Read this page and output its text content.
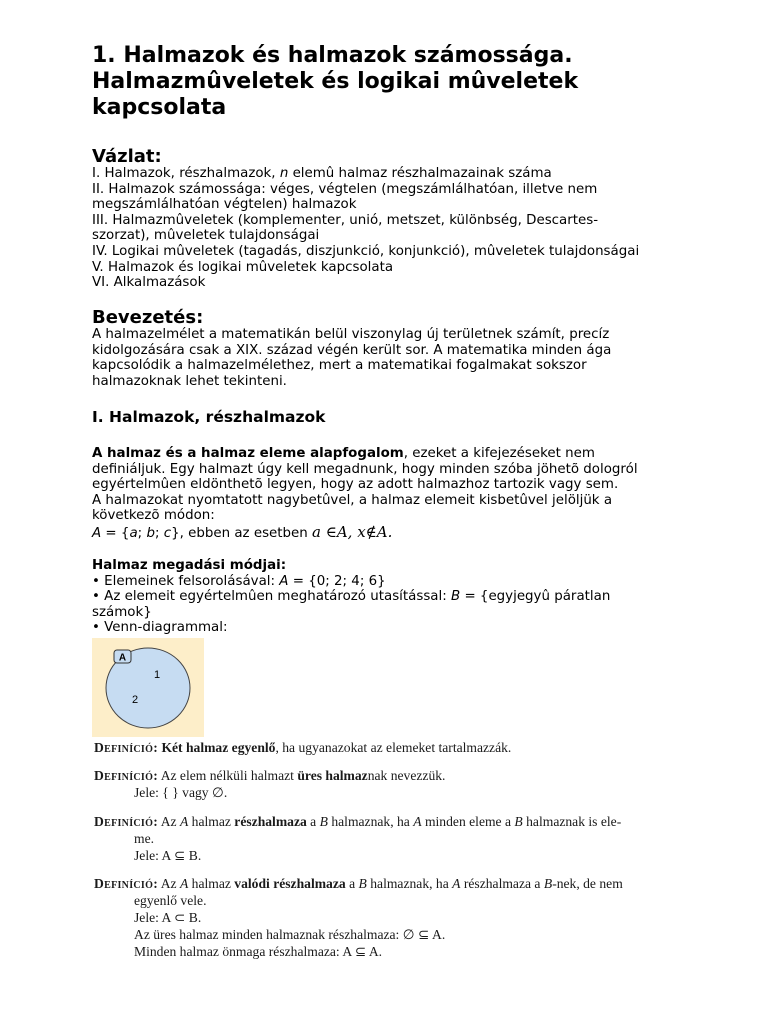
1. Halmazok és halmazok számossága.
Halmazmûveletek és logikai mûveletek
kapcsolata
Vázlat:
I. Halmazok, részhalmazok, n elemû halmaz részhalmazainak száma
II. Halmazok számossága: véges, végtelen (megszámlálhatóan, illetve nem
megszámlálhatóan végtelen) halmazok
III. Halmazmûveletek (komplementer, unió, metszet, különbség, Descartes-
szorzat), mûveletek tulajdonságai
IV. Logikai mûveletek (tagadás, diszjunkció, konjunkció), mûveletek tulajdonságai
V. Halmazok és logikai mûveletek kapcsolata
VI. Alkalmazások
Bevezetés:
A halmazelmélet a matematikán belül viszonylag új területnek számít, precíz
kidolgozására csak a XIX. század végén került sor. A matematika minden ága
kapcsolódik a halmazelmélethez, mert a matematikai fogalmakat sokszor
halmazoknak lehet tekinteni.
I. Halmazok, részhalmazok
A halmaz és a halmaz eleme alapfogalom, ezeket a kifejezéseket nem
definiáljuk. Egy halmazt úgy kell megadnunk, hogy minden szóba jöhetõ dologról
egyértelmûen eldönthetõ legyen, hogy az adott halmazhoz tartozik vagy sem.
A halmazokat nyomtatott nagybetûvel, a halmaz elemeit kisbetûvel jelöljük a
következõ módon:
A = {a; b; c}, ebben az esetben a ∈A, x∉A.
Halmaz megadási módjai:
• Elemeinek felsorolásával: A = {0; 2; 4; 6}
• Az elemeit egyértelmûen meghatározó utasítással: B = {egyjegyû páratlan
számok}
• Venn-diagrammal:
A
1
2
Definíció: Két halmaz egyenlő, ha ugyanazokat az elemeket tartalmazzák.
Definíció: Az elem nélküli halmazt üres halmaznak nevezzük.
Jele: { } vagy ∅.
Definíció: Az A halmaz részhalmaza a B halmaznak, ha A minden eleme a B halmaznak is ele-
me.
Jele: A ⊆ B.
Definíció: Az A halmaz valódi részhalmaza a B halmaznak, ha A részhalmaza a B-nek, de nem
egyenlő vele.
Jele: A ⊂ B.
Az üres halmaz minden halmaznak részhalmaza: ∅ ⊆ A.
Minden halmaz önmaga részhalmaza: A ⊆ A.
